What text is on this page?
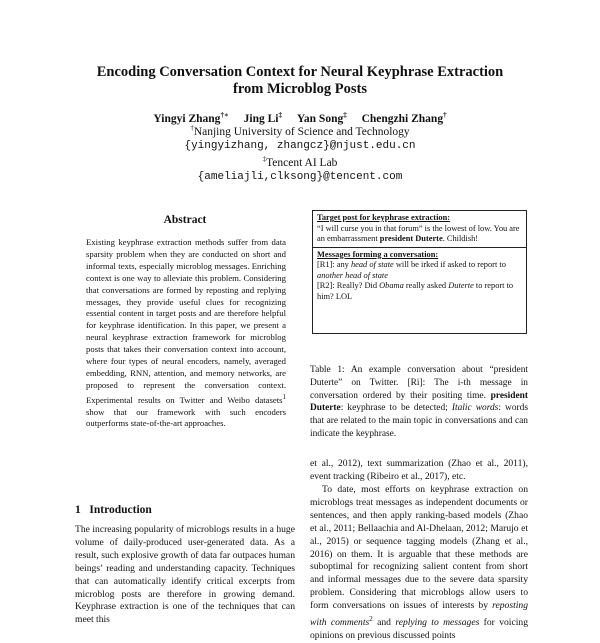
Encoding Conversation Context for Neural Keyphrase Extraction
from Microblog Posts
Yingyi Zhang†∗ Jing Li‡ Yan Song‡ Chengzhi Zhang†
†Nanjing University of Science and Technology
{yingyizhang, zhangcz}@njust.edu.cn
‡Tencent AI Lab
{ameliajli,clksong}@tencent.com
Abstract
Existing keyphrase extraction methods suffer from data sparsity problem when they are conducted on short and informal texts, especially microblog messages. Enriching context is one way to alleviate this problem. Considering that conversations are formed by reposting and replying messages, they provide useful clues for recognizing essential content in target posts and are therefore helpful for keyphrase identification. In this paper, we present a neural keyphrase extraction framework for microblog posts that takes their conversation context into account, where four types of neural encoders, namely, averaged embedding, RNN, attention, and memory networks, are proposed to represent the conversation context. Experimental results on Twitter and Weibo datasets$^1$ show that our framework with such encoders outperforms state-of-the-art approaches.
1 Introduction
The increasing popularity of microblogs results in a huge volume of daily-produced user-generated data. As a result, such explosive growth of data far outpaces human beings’ reading and understanding capacity. Techniques that can automatically identify critical excerpts from microblog posts are therefore in growing demand. Keyphrase extraction is one of the techniques that can meet this
Target post for keyphrase extraction:
“I will curse you in that forum” is the lowest of low. You are an embarrassment president Duterte. Childish!
Messages forming a conversation:
[R1]: any head of state will be irked if asked to report to another head of state
[R2]: Really? Did Obama really asked Duterte to report to him? LOL
Table 1: An example conversation about “president Duterte” on Twitter. [Ri]: The i-th message in conversation ordered by their positing time. president Duterte: keyphrase to be detected; Italic words: words that are related to the main topic in conversations and can indicate the keyphrase.
et al., 2012), text summarization (Zhao et al., 2011), event tracking (Ribeiro et al., 2017), etc.
To date, most efforts on keyphrase extraction on microblogs treat messages as independent documents or sentences, and then apply ranking-based models (Zhao et al., 2011; Bellaachia and Al-Dhelaan, 2012; Marujo et al., 2015) or sequence tagging models (Zhang et al., 2016) on them. It is arguable that these methods are suboptimal for recognizing salient content from short and informal messages due to the severe data sparsity problem. Considering that microblogs allow users to form conversations on issues of interests by reposting with comments$^2$ and replying to messages for voicing opinions on previous discussed points
